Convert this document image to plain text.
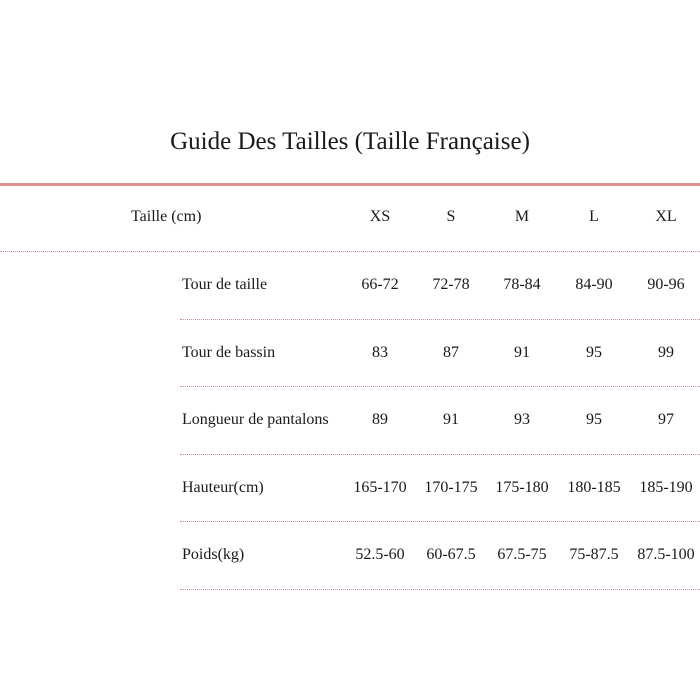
Guide Des Tailles (Taille Française)
Taille (cm)	XS	S	M	L	XL
Tour de taille	66-72	72-78	78-84	84-90	90-96
Tour de bassin	83	87	91	95	99
Longueur de pantalons	89	91	93	95	97
Hauteur(cm)	165-170	170-175	175-180	180-185	185-190
Poids(kg)	52.5-60	60-67.5	67.5-75	75-87.5	87.5-100
